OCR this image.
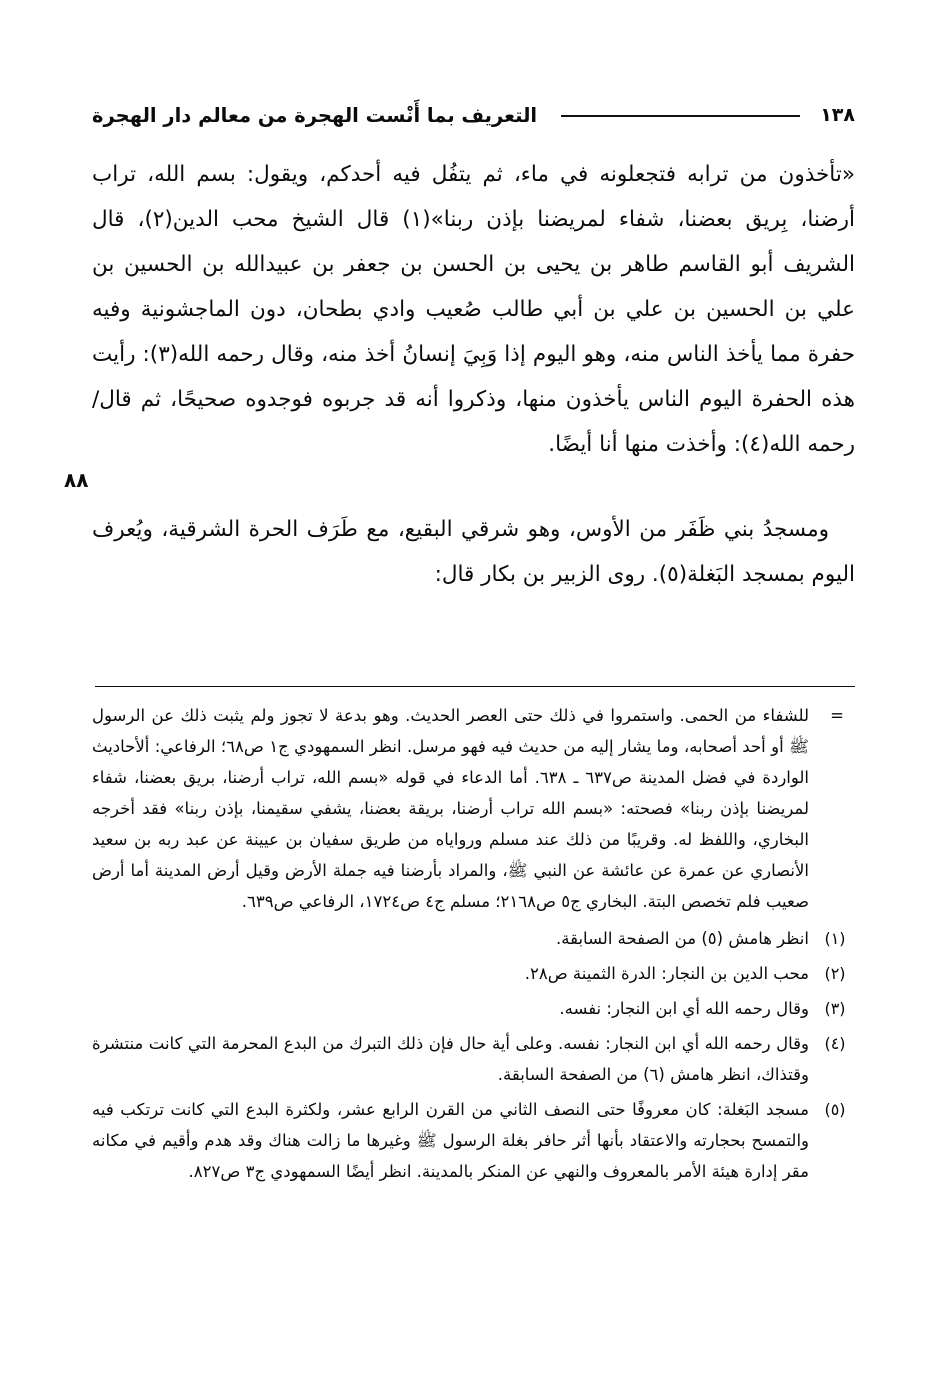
١٣٨
التعريف بما أَنْست الهجرة من معالم دار الهجرة
٨٨

«تأخذون من ترابه فتجعلونه في ماء، ثم يتفُل فيه أحدكم، ويقول: بسم الله، تراب أرضنا، بِريق بعضنا، شفاء لمريضنا بإذن ربنا»(١) قال الشيخ محب الدين(٢)، قال الشريف أبو القاسم طاهر بن يحيى بن الحسن بن جعفر بن عبيدالله بن الحسين بن علي بن الحسين بن علي بن أبي طالب صُعيب وادي بطحان، دون الماجشونية وفيه حفرة مما يأخذ الناس منه، وهو اليوم إذا وَبِيَ إنسانُ أخذ منه، وقال رحمه الله(٣): رأيت هذه الحفرة اليوم الناس يأخذون منها، وذكروا أنه قد جربوه فوجدوه صحيحًا، ثم قال/رحمه الله(٤): وأخذت منها أنا أيضًا.

ومسجدُ بني ظَفَر من الأوس، وهو شرقي البقيع، مع طَرَف الحرة الشرقية، ويُعرف اليوم بمسجد البَغلة(٥). روى الزبير بن بكار قال:

=
للشفاء من الحمى. واستمروا في ذلك حتى العصر الحديث. وهو بدعة لا تجوز ولم يثبت ذلك عن الرسول ﷺ أو أحد أصحابه، وما يشار إليه من حديث فيه فهو مرسل. انظر السمهودي ج١ ص٦٨؛ الرفاعي: ألأحاديث الواردة في فضل المدينة ص٦٣٧ ـ ٦٣٨. أما الدعاء في قوله «بسم الله، تراب أرضنا، بريق بعضنا، شفاء لمريضنا بإذن ربنا» فصحته: «بسم الله تراب أرضنا، بريقة بعضنا، يشفي سقيمنا، بإذن ربنا» فقد أخرجه البخاري، واللفظ له. وقريبًا من ذلك عند مسلم ورواياه من طريق سفيان بن عيينة عن عبد ربه بن سعيد الأنصاري عن عمرة عن عائشة عن النبي ﷺ، والمراد بأرضنا فيه جملة الأرض وقيل أرض المدينة أما أرض صعيب فلم تخصص البتة. البخاري ج٥ ص٢١٦٨؛ مسلم ج٤ ص١٧٢٤، الرفاعي ص٦٣٩.
(١)
انظر هامش (٥) من الصفحة السابقة.
(٢)
محب الدين بن النجار: الدرة الثمينة ص٢٨.
(٣)
وقال رحمه الله أي ابن النجار: نفسه.
(٤)
وقال رحمه الله أي ابن النجار: نفسه. وعلى أية حال فإن ذلك التبرك من البدع المحرمة التي كانت منتشرة وقتذاك، انظر هامش (٦) من الصفحة السابقة.
(٥)
مسجد البَغلة: كان معروفًا حتى النصف الثاني من القرن الرابع عشر، ولكثرة البدع التي كانت ترتكب فيه والتمسح بحجارته والاعتقاد بأنها أثر حافر بغلة الرسول ﷺ وغيرها ما زالت هناك وقد هدم وأقيم في مكانه مقر إدارة هيئة الأمر بالمعروف والنهي عن المنكر بالمدينة. انظر أيضًا السمهودي ج٣ ص٨٢٧.
